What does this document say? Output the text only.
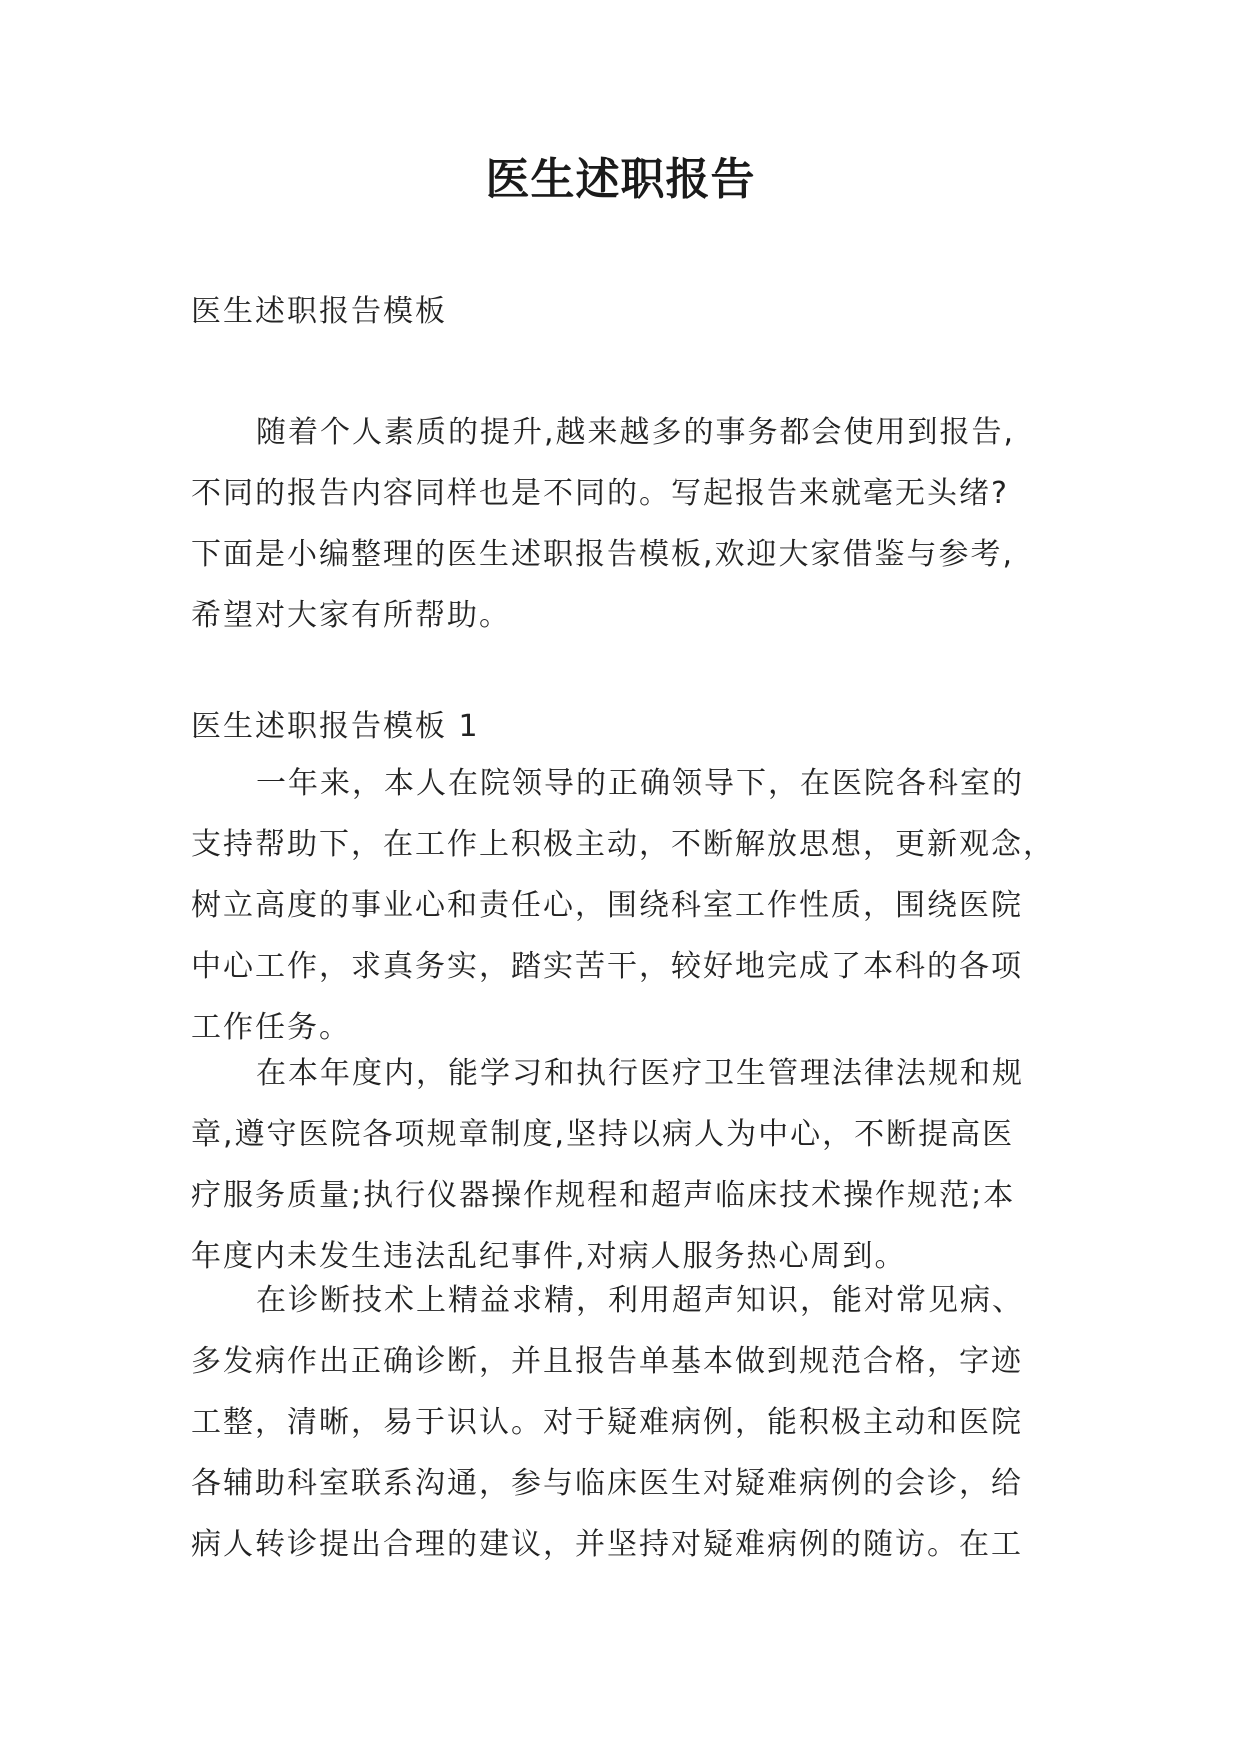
医生述职报告
医生述职报告模板
随着个人素质的提升,越来越多的事务都会使用到报告,
不同的报告内容同样也是不同的。写起报告来就毫无头绪?
下面是小编整理的医生述职报告模板,欢迎大家借鉴与参考,
希望对大家有所帮助。
医生述职报告模板 1
一年来，本人在院领导的正确领导下，在医院各科室的
支持帮助下，在工作上积极主动，不断解放思想，更新观念，
树立高度的事业心和责任心，围绕科室工作性质，围绕医院
中心工作，求真务实，踏实苦干，较好地完成了本科的各项
工作任务。
在本年度内，能学习和执行医疗卫生管理法律法规和规
章,遵守医院各项规章制度,坚持以病人为中心，不断提高医
疗服务质量;执行仪器操作规程和超声临床技术操作规范;本
年度内未发生违法乱纪事件,对病人服务热心周到。
在诊断技术上精益求精，利用超声知识，能对常见病、
多发病作出正确诊断，并且报告单基本做到规范合格，字迹
工整，清晰，易于识认。对于疑难病例，能积极主动和医院
各辅助科室联系沟通，参与临床医生对疑难病例的会诊，给
病人转诊提出合理的建议，并坚持对疑难病例的随访。在工
